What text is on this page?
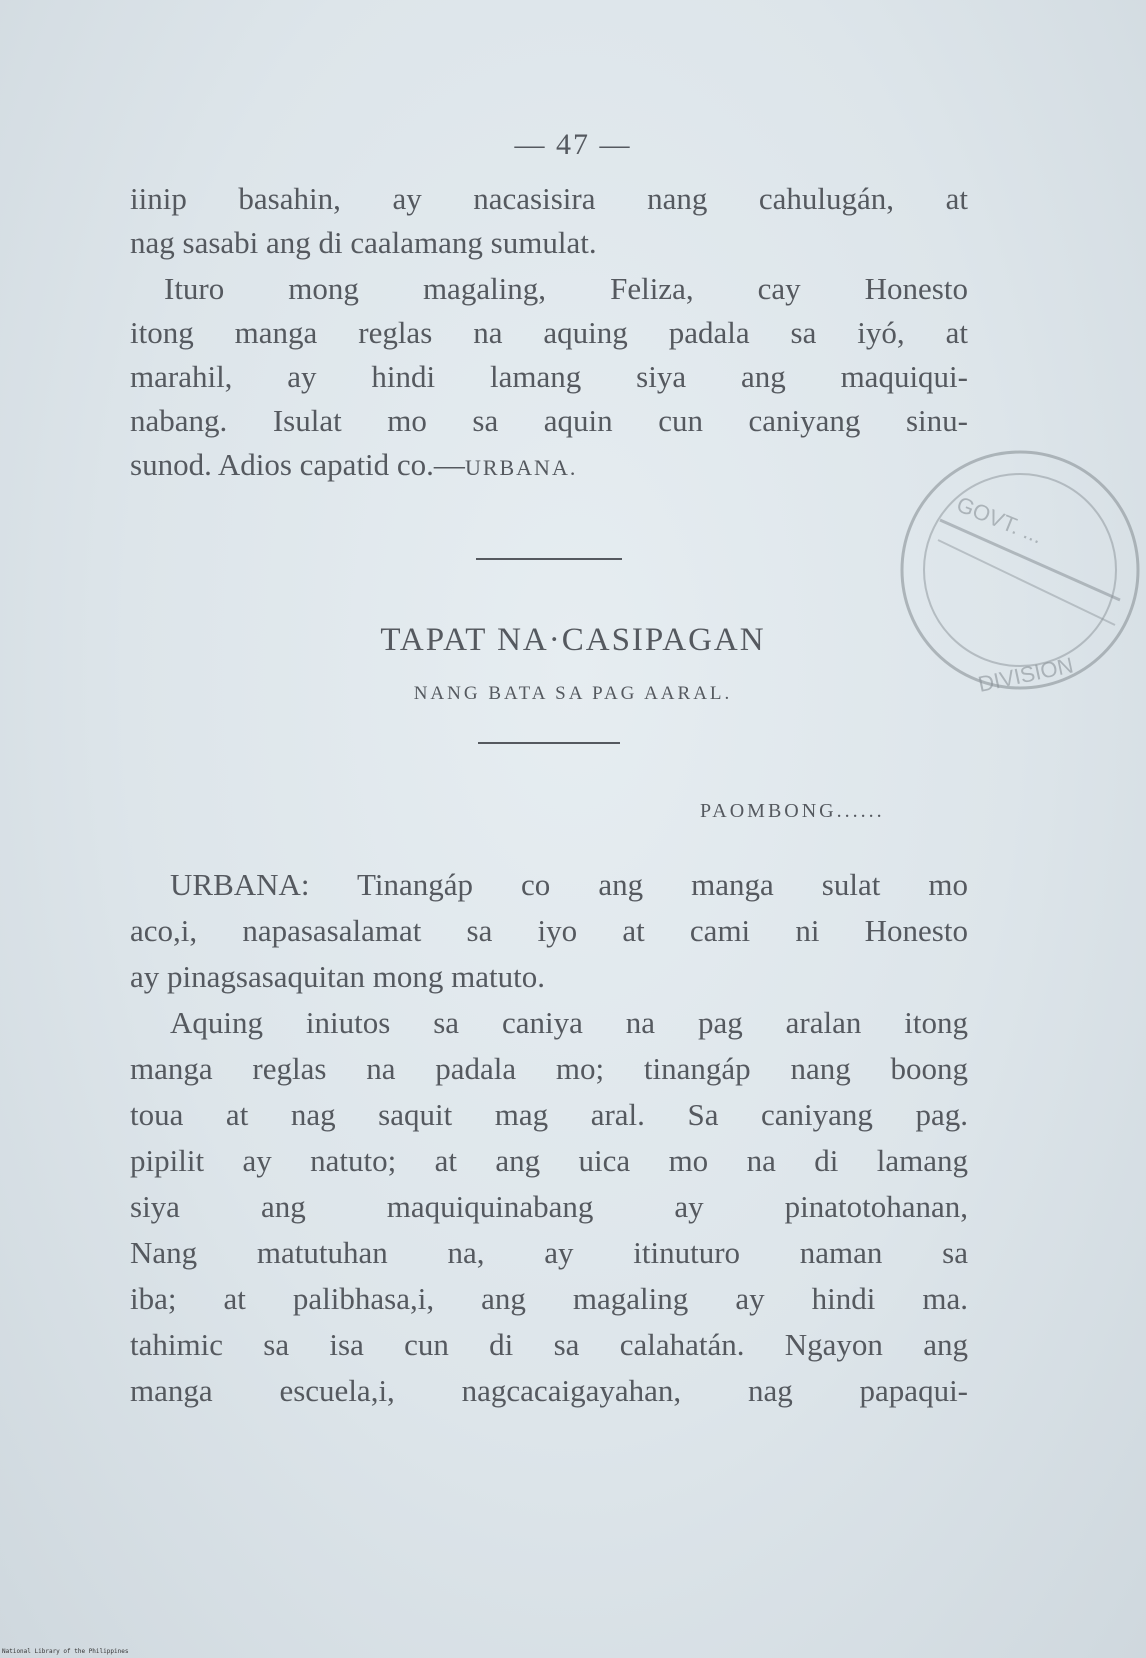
— 47 —
iinip basahin, ay nacasisira nang cahulugán, at
nag sasabi ang di caalamang sumulat.
Ituro mong magaling, Feliza, cay Honesto
itong manga reglas na aquing padala sa iyó, at
marahil, ay hindi lamang siya ang maquiqui-
nabang. Isulat mo sa aquin cun caniyang sinu-
sunod. Adios capatid co.—URBANA.
TAPAT NA·CASIPAGAN
NANG BATA SA PAG AARAL.
PAOMBONG......
URBANA: Tinangáp co ang manga sulat mo
aco,i, napasasalamat sa iyo at cami ni Honesto
ay pinagsasaquitan mong matuto.
Aquing iniutos sa caniya na pag aralan itong
manga reglas na padala mo; tinangáp nang boong
toua at nag saquit mag aral. Sa caniyang pag.
pipilit ay natuto; at ang uica mo na di lamang
siya ang maquiquinabang ay pinatotohanan,
Nang matutuhan na, ay itinuturo naman sa
iba; at palibhasa,i, ang magaling ay hindi ma.
tahimic sa isa cun di sa calahatán. Ngayon ang
manga escuela,i, nagcacaigayahan, nag papaqui-
GOVT. ...
DIVISION
National Library of the Philippines
